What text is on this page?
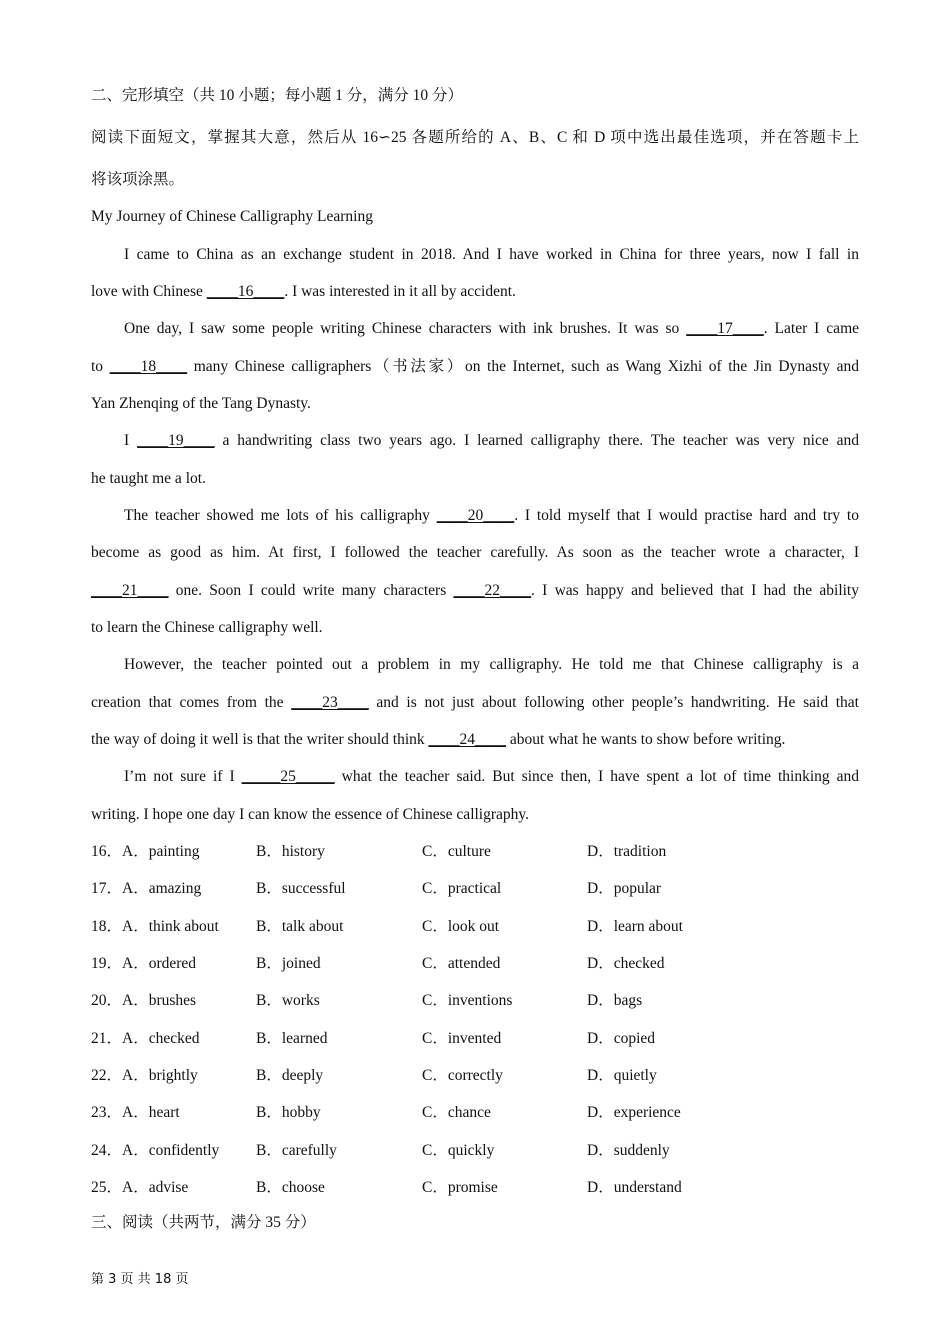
二、完形填空（共 10 小题；每小题 1 分，满分 10 分）
阅读下面短文，掌握其大意，然后从 16∽25 各题所给的 A、B、C 和 D 项中选出最佳选项，并在答题卡上
将该项涂黑。
My Journey of Chinese Calligraphy Learning
I came to China as an exchange student in 2018. And I have worked in China for three years, now I fall in
love with Chinese ____16____. I was interested in it all by accident.
One day, I saw some people writing Chinese characters with ink brushes. It was so ____17____. Later I came
to ____18____ many Chinese calligraphers（书法家）on the Internet, such as Wang Xizhi of the Jin Dynasty and
Yan Zhenqing of the Tang Dynasty.
I ____19____ a handwriting class two years ago. I learned calligraphy there. The teacher was very nice and
he taught me a lot.
The teacher showed me lots of his calligraphy ____20____. I told myself that I would practise hard and try to
become as good as him. At first, I followed the teacher carefully. As soon as the teacher wrote a character, I
____21____ one. Soon I could write many characters ____22____. I was happy and believed that I had the ability
to learn the Chinese calligraphy well.
However, the teacher pointed out a problem in my calligraphy. He told me that Chinese calligraphy is a
creation that comes from the ____23____ and is not just about following other people’s handwriting. He said that
the way of doing it well is that the writer should think ____24____ about what he wants to show before writing.
I’m not sure if I _____25_____ what the teacher said. But since then, I have spent a lot of time thinking and
writing. I hope one day I can know the essence of Chinese calligraphy.
16．A．painting	B．history	C．culture	D．tradition
17．A．amazing	B．successful	C．practical	D．popular
18．A．think about B．talk about	C．look out	D．learn about
19．A．ordered	B．joined	C．attended	D．checked
20．A．brushes	B．works	C．inventions	D．bags
21．A．checked	B．learned	C．invented	D．copied
22．A．brightly	B．deeply	C．correctly	D．quietly
23．A．heart	B．hobby	C．chance	D．experience
24．A．confidently B．carefully	C．quickly	D．suddenly
25．A．advise	B．choose	C．promise	D．understand
三、阅读（共两节，满分 35 分）
第 3 页 共 18 页
